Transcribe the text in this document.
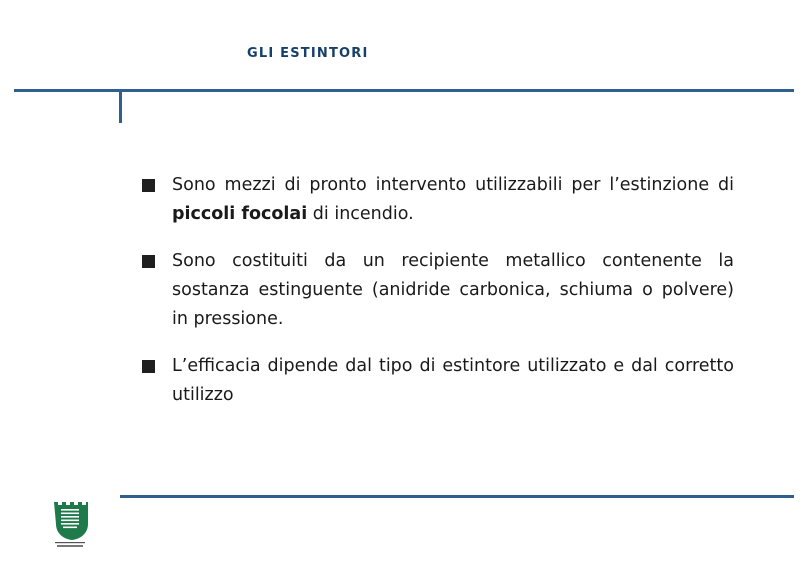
GLI ESTINTORI
Sono mezzi di pronto intervento utilizzabili per l’estinzione di piccoli focolai di incendio.
Sono costituiti da un recipiente metallico contenente la sostanza estinguente (anidride carbonica, schiuma o polvere) in pressione.
L’efficacia dipende dal tipo di estintore utilizzato e dal corretto utilizzo
